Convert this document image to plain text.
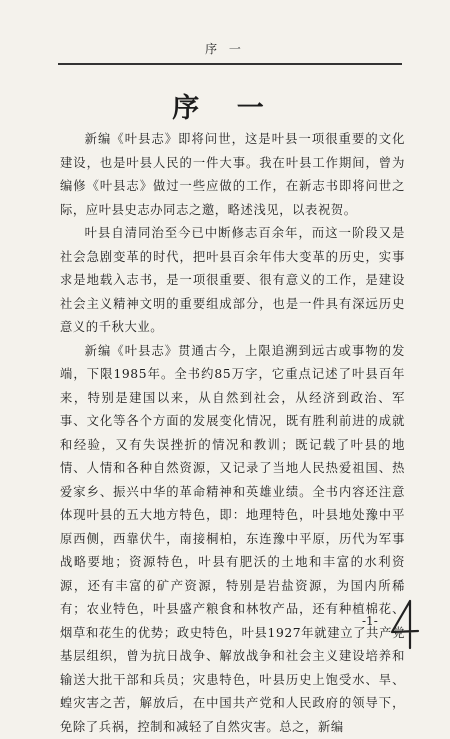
序 一
序 一

新编《叶县志》即将问世，这是叶县一项很重要的文化建设，也是叶县人民的一件大事。我在叶县工作期间，曾为编修《叶县志》做过一些应做的工作，在新志书即将问世之际，应叶县史志办同志之邀，略述浅见，以表祝贺。

叶县自清同治至今已中断修志百余年，而这一阶段又是社会急剧变革的时代，把叶县百余年伟大变革的历史，实事求是地载入志书，是一项很重要、很有意义的工作，是建设社会主义精神文明的重要组成部分，也是一件具有深远历史意义的千秋大业。

新编《叶县志》贯通古今，上限追溯到远古或事物的发端，下限1985年。全书约85万字，它重点记述了叶县百年来，特别是建国以来，从自然到社会，从经济到政治、军事、文化等各个方面的发展变化情况，既有胜利前进的成就和经验，又有失误挫折的情况和教训；既记载了叶县的地情、人情和各种自然资源，又记录了当地人民热爱祖国、热爱家乡、振兴中华的革命精神和英雄业绩。全书内容还注意体现叶县的五大地方特色，即：地理特色，叶县地处豫中平原西侧，西靠伏牛，南接桐柏，东连豫中平原，历代为军事战略要地；资源特色，叶县有肥沃的土地和丰富的水利资源，还有丰富的矿产资源，特别是岩盐资源，为国内所稀有；农业特色，叶县盛产粮食和林牧产品，还有种植棉花、烟草和花生的优势；政史特色，叶县1927年就建立了共产党基层组织，曾为抗日战争、解放战争和社会主义建设培养和输送大批干部和兵员；灾患特色，叶县历史上饱受水、旱、蝗灾害之苦，解放后，在中国共产党和人民政府的领导下，免除了兵祸，控制和减轻了自然灾害。总之，新编

-1-
